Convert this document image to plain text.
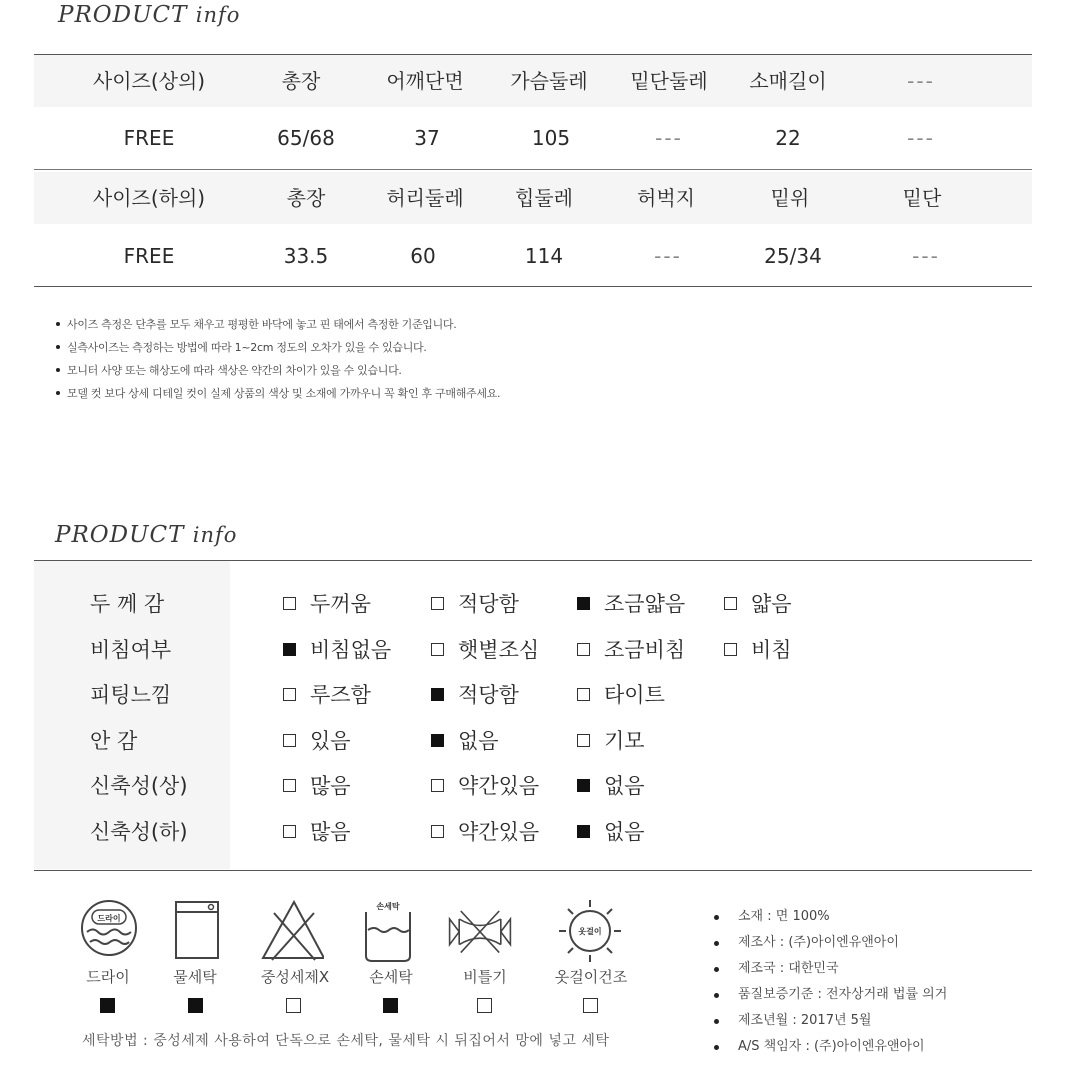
PRODUCT info
사이즈(상의)	총장	어깨단면	가슴둘레	밑단둘레	소매길이	---
FREE	65/68	37	105	---	22	---
사이즈(하의)	총장	허리둘레	힙둘레	허벅지	밑위	밑단
FREE	33.5	60	114	---	25/34	---
사이즈 측정은 단추를 모두 채우고 평평한 바닥에 놓고 핀 태에서 측정한 기준입니다.
실측사이즈는 측정하는 방법에 따라 1~2cm 정도의 오차가 있을 수 있습니다.
모니터 사양 또는 해상도에 따라 색상은 약간의 차이가 있을 수 있습니다.
모델 컷 보다 상세 디테일 컷이 실제 상품의 색상 및 소재에 가까우니 꼭 확인 후 구매해주세요.
PRODUCT info
두 께 감	두꺼움	적당함	조금얇음	얇음
비침여부	비침없음	햇볕조심	조금비침	비침
피팅느낌	루즈함	적당함	타이트
안 감	있음	없음	기모
신축성(상)	많음	약간있음	없음
신축성(하)	많음	약간있음	없음
드라이
손세탁
옷걸이
드라이	물세탁	중성세제X	손세탁	비틀기	옷걸이건조
세탁방법 : 중성세제 사용하여 단독으로 손세탁, 물세탁 시 뒤집어서 망에 넣고 세탁
소재 : 면 100%
제조사 : (주)아이엔유앤아이
제조국 : 대한민국
품질보증기준 : 전자상거래 법률 의거
제조년월 : 2017년 5월
A/S 책임자 : (주)아이엔유앤아이
